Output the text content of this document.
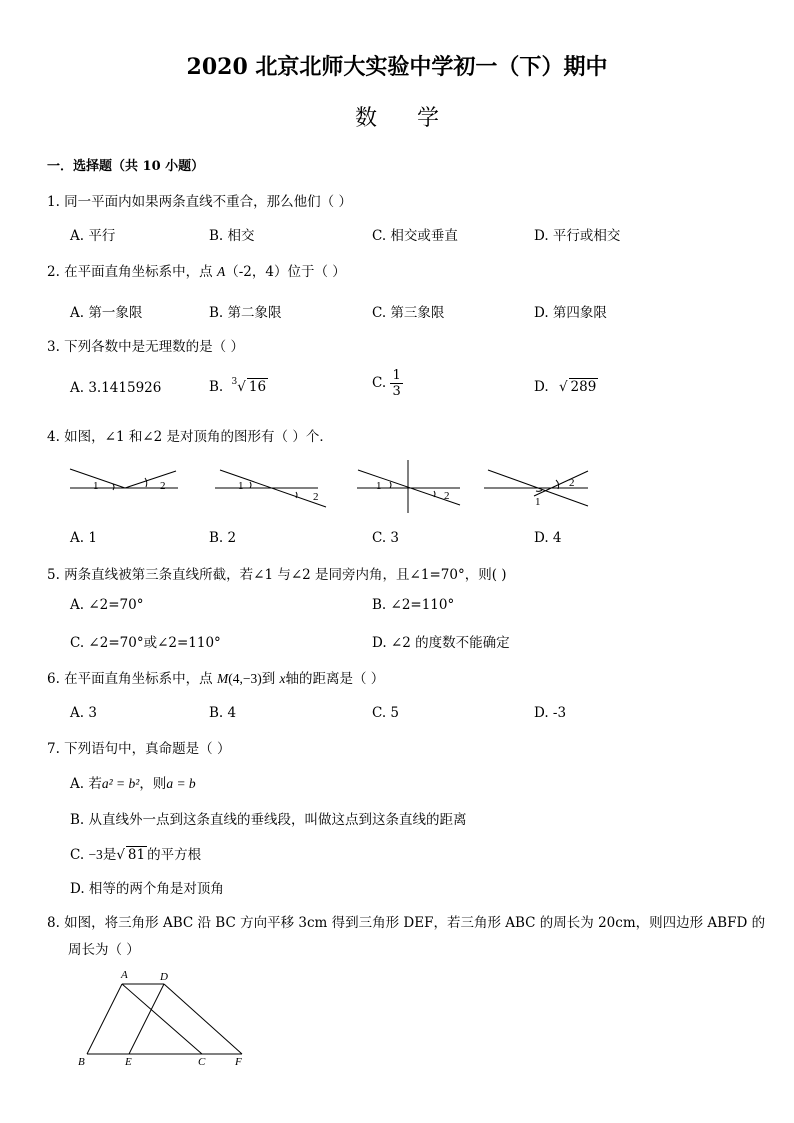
2020 北京北师大实验中学初一（下）期中
数学
一．选择题（共 10 小题）
1. 同一平面内如果两条直线不重合，那么他们（ ）
A. 平行	B. 相交	C. 相交或垂直	D. 平行或相交
2. 在平面直角坐标系中，点 A（-2，4）位于（ ）
A. 第一象限	B. 第二象限	C. 第三象限	D. 第四象限
3. 下列各数中是无理数的是（ ）
A. 3.1415926	B. $^3$√ 16	C. $\frac{1}{3}$	D. √ 289
4. 如图，∠1 和∠2 是对顶角的图形有（ ）个．
1	2	1
2
1
2
2
1
A. 1	B. 2	C. 3	D. 4
5. 两条直线被第三条直线所截，若∠1 与∠2 是同旁内角，且∠1=70°，则( )
A. ∠2=70°	B. ∠2=110°
C. ∠2=70°或∠2=110°	D. ∠2 的度数不能确定
6. 在平面直角坐标系中，点 M(4,−3)到 x轴的距离是（ ）
A. 3	B. 4	C. 5	D. -3
7. 下列语句中，真命题是（ ）
A. 若a² = b²，则a = b
B. 从直线外一点到这条直线的垂线段，叫做这点到这条直线的距离
C. −3是√ 81 的平方根
D. 相等的两个角是对顶角
8. 如图，将三角形 ABC 沿 BC 方向平移 3cm 得到三角形 DEF，若三角形 ABC 的周长为 20cm，则四边形 ABFD 的
周长为（ ）
A	D
B	E	C	F
